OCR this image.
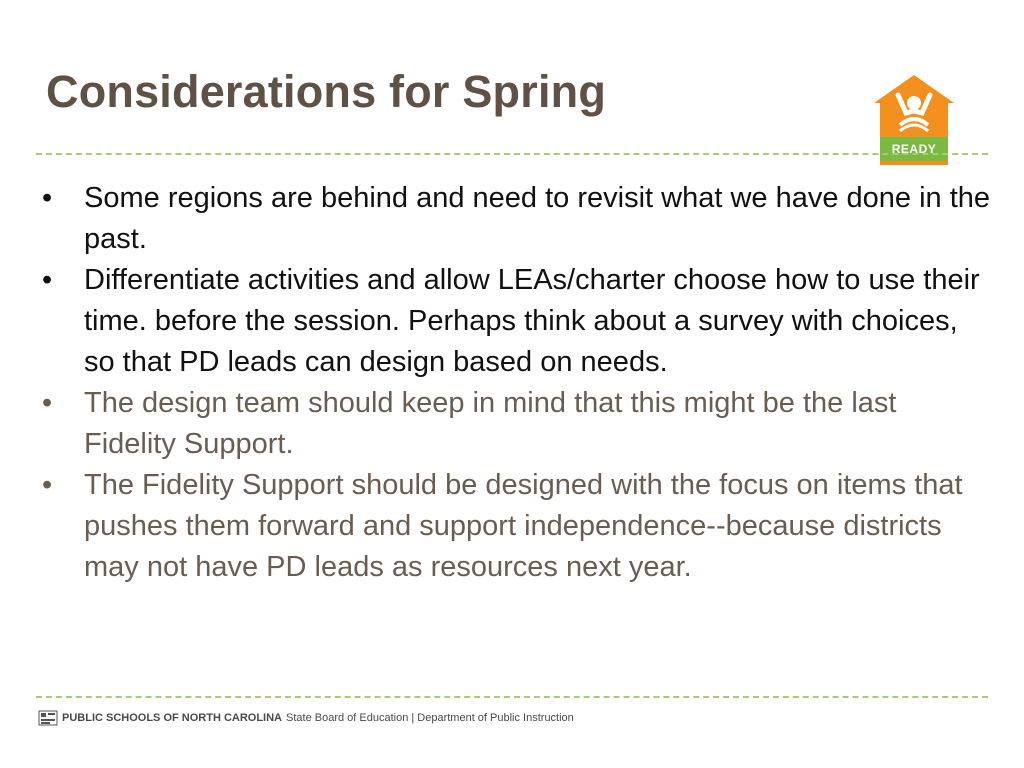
Considerations for Spring
READY
•	Some regions are behind and need to revisit what we have done in the past.
•	Differentiate activities and allow LEAs/charter choose how to use their time. before the session. Perhaps think about a survey with choices, so that PD leads can design based on needs.
•	The design team should keep in mind that this might be the last Fidelity Support.
•	The Fidelity Support should be designed with the focus on items that pushes them forward and support independence--because districts may not have PD leads as resources next year.
PUBLIC SCHOOLS OF NORTH CAROLINA State Board of Education | Department of Public Instruction
